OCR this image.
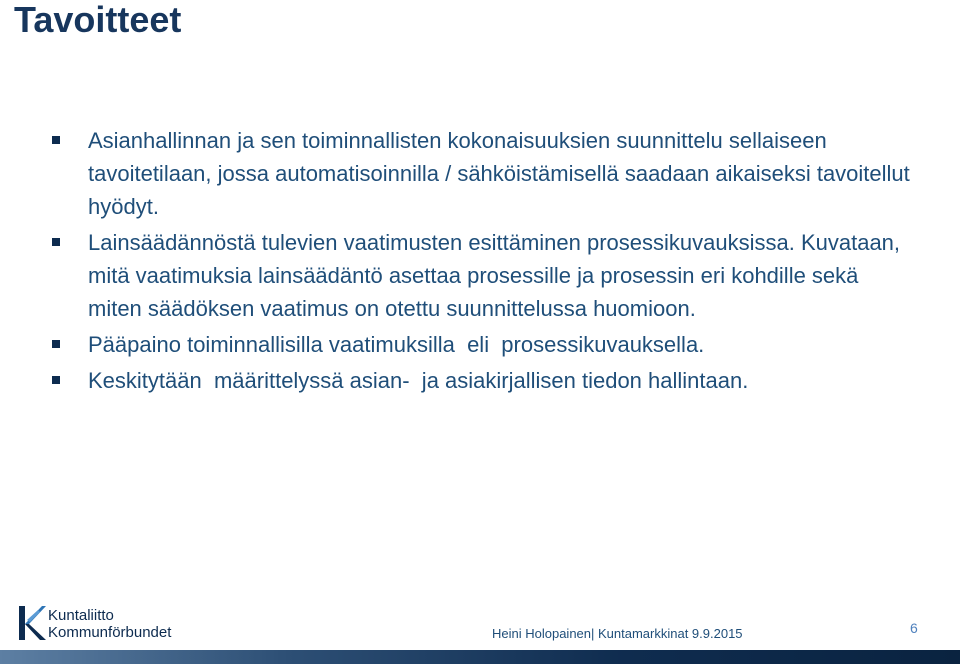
Tavoitteet
Asianhallinnan ja sen toiminnallisten kokonaisuuksien suunnittelu sellaiseen tavoitetilaan, jossa automatisoinnilla / sähköistämisellä saadaan aikaiseksi tavoitellut hyödyt.
Lainsäädännöstä tulevien vaatimusten esittäminen prosessikuvauksissa. Kuvataan, mitä vaatimuksia lainsäädäntö asettaa prosessille ja prosessin eri kohdille sekä miten säädöksen vaatimus on otettu suunnittelussa huomioon.
Pääpaino toiminnallisilla vaatimuksilla  eli  prosessikuvauksella.
Keskitytään  määrittelyssä asian-  ja asiakirjallisen tiedon hallintaan.
Kuntaliitto
Kommunförbundet	Heini Holopainen| Kuntamarkkinat 9.9.2015	6
